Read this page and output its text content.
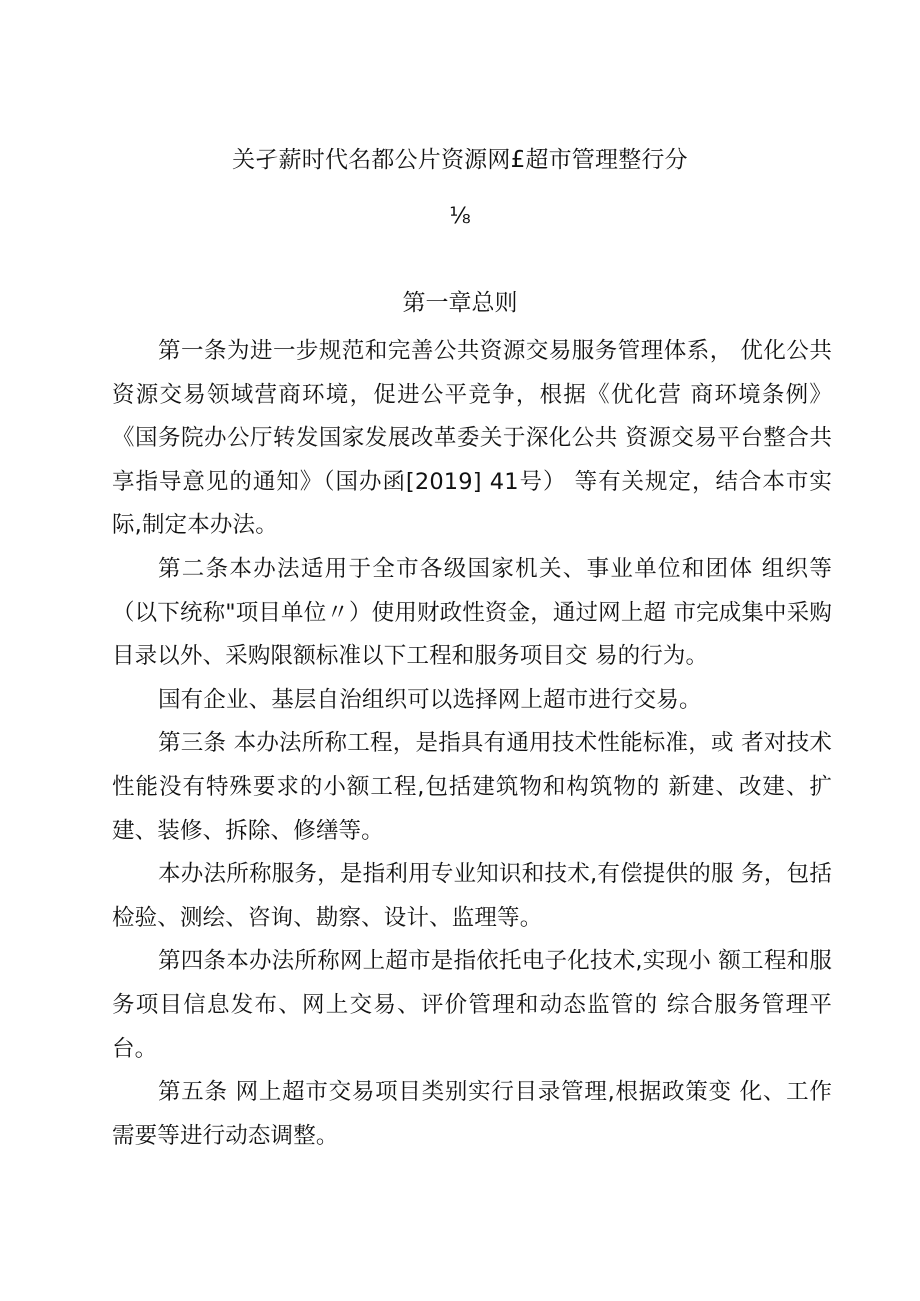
关孑薪时代名都公片资源网£超市管理整行分
⅛
第一章总则

第一条为进一步规范和完善公共资源交易服务管理体系， 优化公共资源交易领域营商环境，促进公平竞争，根据《优化营 商环境条例》《国务院办公厅转发国家发展改革委关于深化公共 资源交易平台整合共享指导意见的通知》（国办函[2019] 41号） 等有关规定，结合本市实际,制定本办法。

第二条本办法适用于全市各级国家机关、事业单位和团体 组织等（以下统称"项目单位〃）使用财政性资金，通过网上超 市完成集中采购目录以外、采购限额标准以下工程和服务项目交 易的行为。

国有企业、基层自治组织可以选择网上超市进行交易。

第三条 本办法所称工程，是指具有通用技术性能标准，或 者对技术性能没有特殊要求的小额工程,包括建筑物和构筑物的 新建、改建、扩建、装修、拆除、修缮等。

本办法所称服务，是指利用专业知识和技术,有偿提供的服 务，包括检验、测绘、咨询、勘察、设计、监理等。

第四条本办法所称网上超市是指依托电子化技术,实现小 额工程和服务项目信息发布、网上交易、评价管理和动态监管的 综合服务管理平台。

第五条 网上超市交易项目类别实行目录管理,根据政策变 化、工作需要等进行动态调整。
